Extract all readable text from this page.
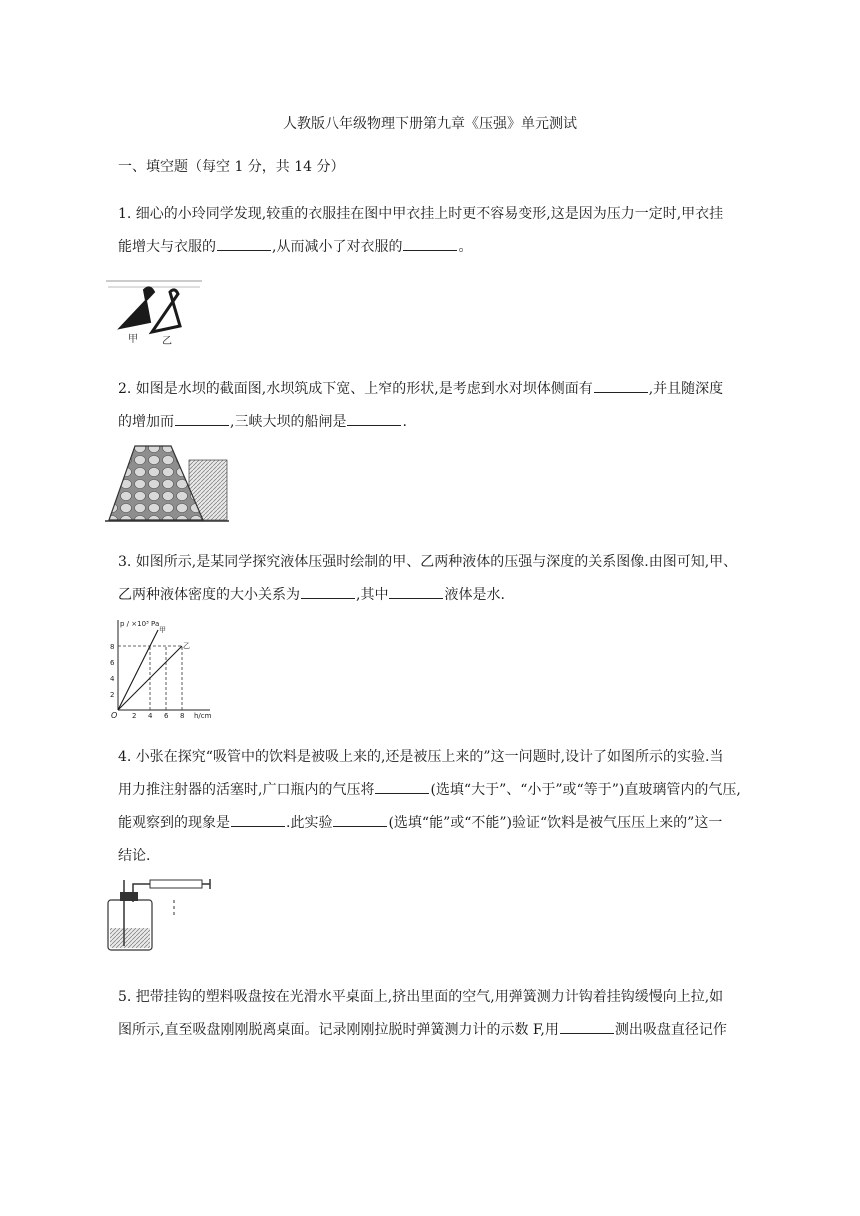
人教版八年级物理下册第九章《压强》单元测试
一、填空题（每空 1 分，共 14 分）
1. 细心的小玲同学发现,较重的衣服挂在图中甲衣挂上时更不容易变形,这是因为压力一定时,甲衣挂
能增大与衣服的	,从而减小了对衣服的	。
甲 乙
2. 如图是水坝的截面图,水坝筑成下宽、上窄的形状,是考虑到水对坝体侧面有	,并且随深度
的增加而	,三峡大坝的船闸是	.
3. 如图所示,是某同学探究液体压强时绘制的甲、乙两种液体的压强与深度的关系图像.由图可知,甲、
乙两种液体密度的大小关系为	,其中	液体是水.
p / ×10³ Pa
h/cm
O 2 4 6 8
2
4
6
8
甲
乙
4. 小张在探究“吸管中的饮料是被吸上来的,还是被压上来的”这一问题时,设计了如图所示的实验.当
用力推注射器的活塞时,广口瓶内的气压将	(选填“大于”、“小于”或“等于”)直玻璃管内的气压,
能观察到的现象是	.此实验	(选填“能”或“不能”)验证“饮料是被气压压上来的”这一
结论.
5. 把带挂钩的塑料吸盘按在光滑水平桌面上,挤出里面的空气,用弹簧测力计钩着挂钩缓慢向上拉,如
图所示,直至吸盘刚刚脱离桌面。记录刚刚拉脱时弹簧测力计的示数 F,用	测出吸盘直径记作
